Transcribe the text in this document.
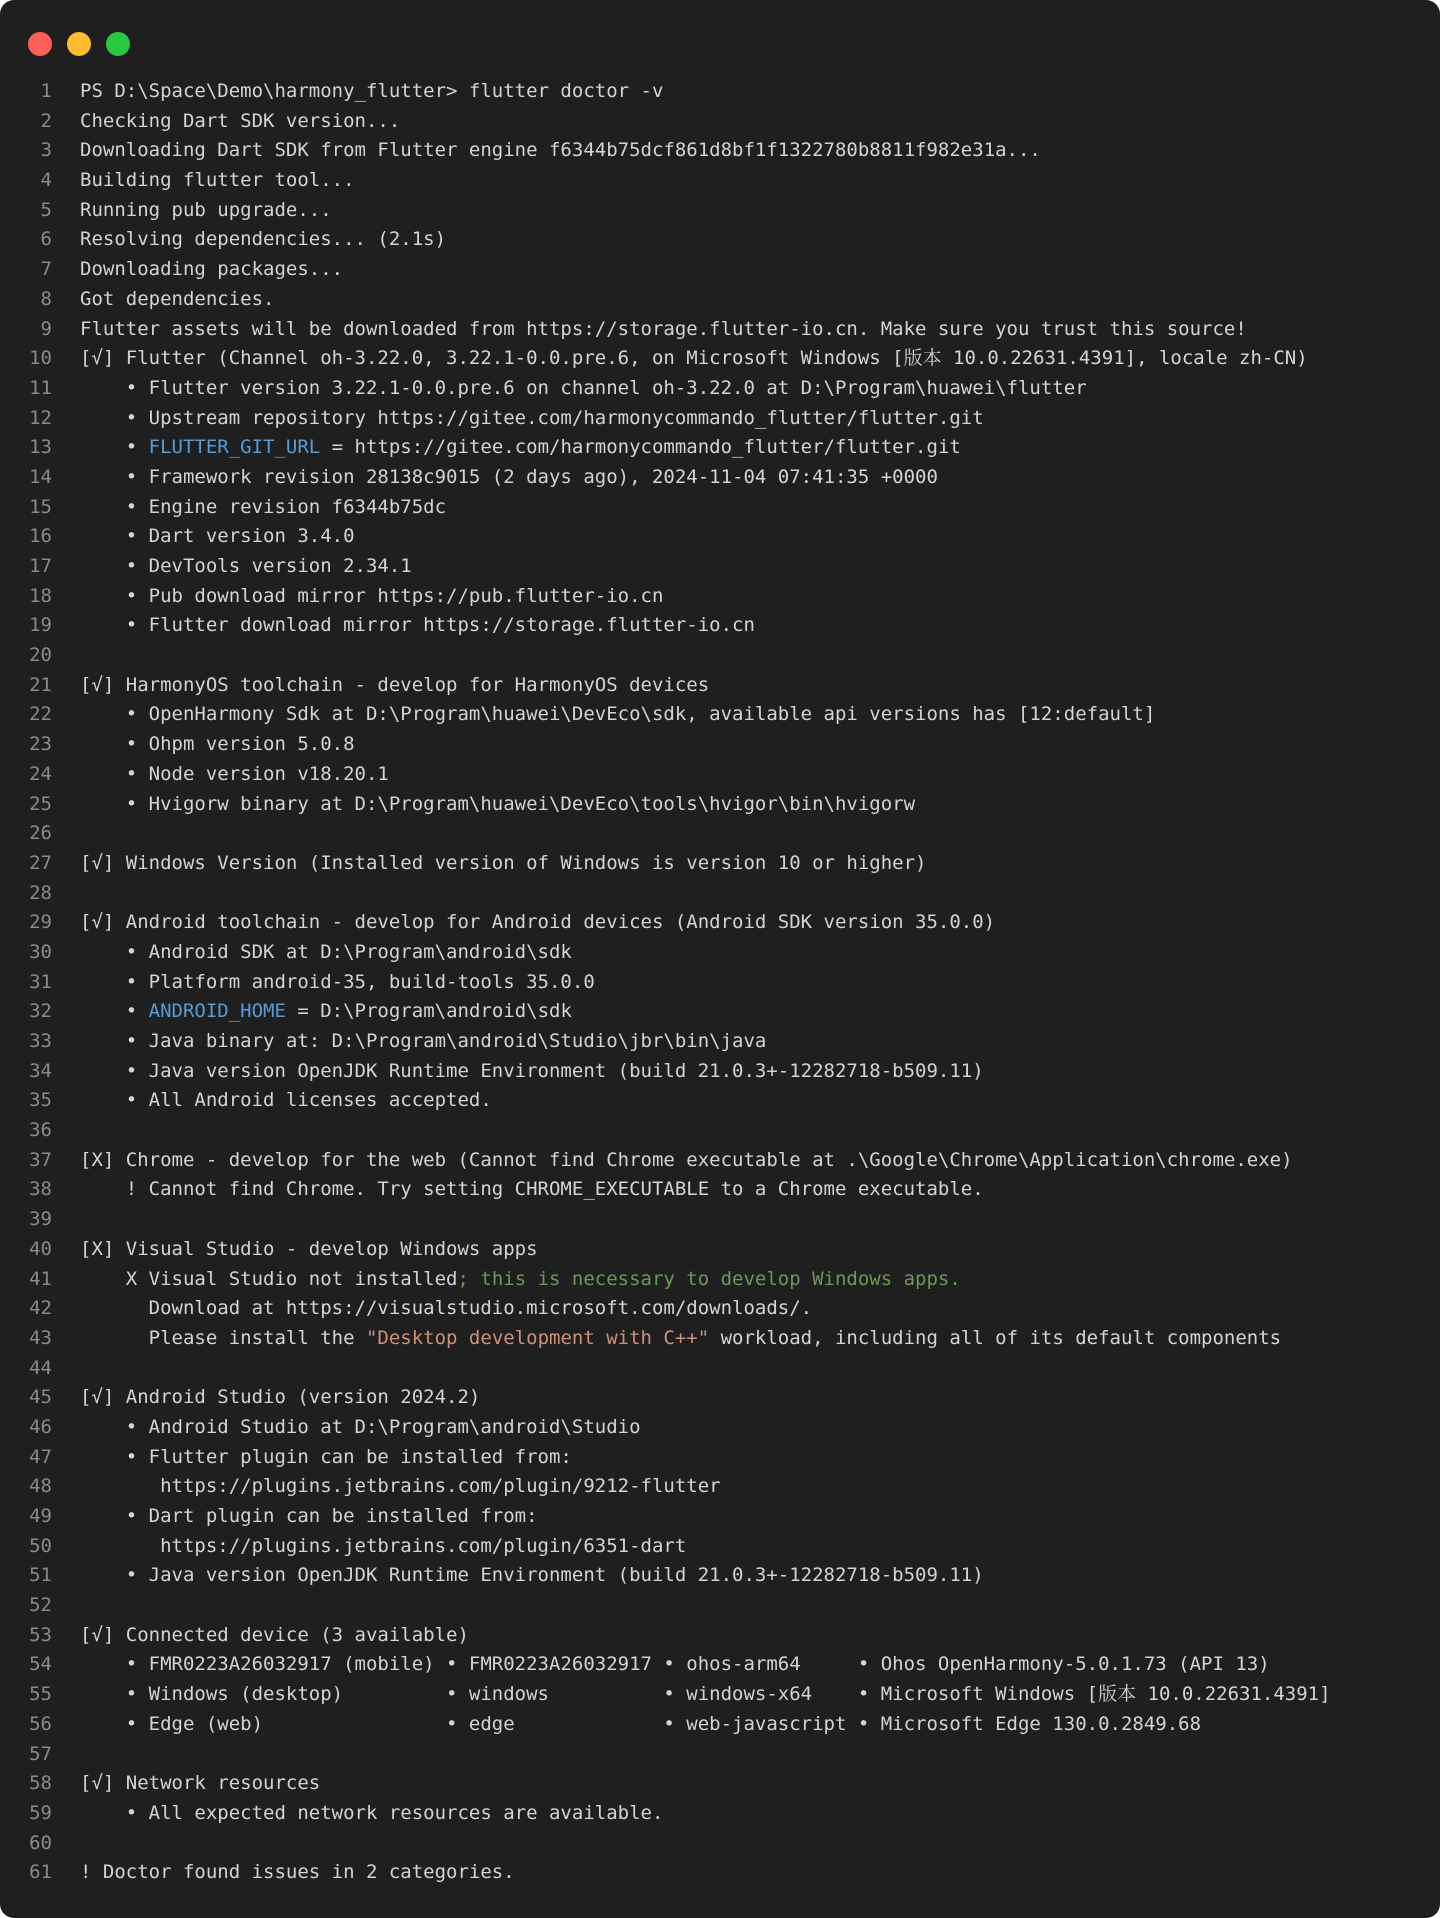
1 PS D:\Space\Demo\harmony_flutter> flutter doctor -v
2 Checking Dart SDK version...
3 Downloading Dart SDK from Flutter engine f6344b75dcf861d8bf1f1322780b8811f982e31a...
4 Building flutter tool...
5 Running pub upgrade...
6 Resolving dependencies... (2.1s)
7 Downloading packages...
8 Got dependencies.
9 Flutter assets will be downloaded from https://storage.flutter-io.cn. Make sure you trust this source!
10 [√] Flutter (Channel oh-3.22.0, 3.22.1-0.0.pre.6, on Microsoft Windows [版本 10.0.22631.4391], locale zh-CN)
11 • Flutter version 3.22.1-0.0.pre.6 on channel oh-3.22.0 at D:\Program\huawei\flutter
12 • Upstream repository https://gitee.com/harmonycommando_flutter/flutter.git
13 • FLUTTER_GIT_URL = https://gitee.com/harmonycommando_flutter/flutter.git
14 • Framework revision 28138c9015 (2 days ago), 2024-11-04 07:41:35 +0000
15 • Engine revision f6344b75dc
16 • Dart version 3.4.0
17 • DevTools version 2.34.1
18 • Pub download mirror https://pub.flutter-io.cn
19 • Flutter download mirror https://storage.flutter-io.cn
20
21 [√] HarmonyOS toolchain - develop for HarmonyOS devices
22 • OpenHarmony Sdk at D:\Program\huawei\DevEco\sdk, available api versions has [12:default]
23 • Ohpm version 5.0.8
24 • Node version v18.20.1
25 • Hvigorw binary at D:\Program\huawei\DevEco\tools\hvigor\bin\hvigorw
26
27 [√] Windows Version (Installed version of Windows is version 10 or higher)
28
29 [√] Android toolchain - develop for Android devices (Android SDK version 35.0.0)
30 • Android SDK at D:\Program\android\sdk
31 • Platform android-35, build-tools 35.0.0
32 • ANDROID_HOME = D:\Program\android\sdk
33 • Java binary at: D:\Program\android\Studio\jbr\bin\java
34 • Java version OpenJDK Runtime Environment (build 21.0.3+-12282718-b509.11)
35 • All Android licenses accepted.
36
37 [X] Chrome - develop for the web (Cannot find Chrome executable at .\Google\Chrome\Application\chrome.exe)
38 ! Cannot find Chrome. Try setting CHROME_EXECUTABLE to a Chrome executable.
39
40 [X] Visual Studio - develop Windows apps
41 X Visual Studio not installed; this is necessary to develop Windows apps.
42 Download at https://visualstudio.microsoft.com/downloads/.
43 Please install the "Desktop development with C++" workload, including all of its default components
44
45 [√] Android Studio (version 2024.2)
46 • Android Studio at D:\Program\android\Studio
47 • Flutter plugin can be installed from:
48 https://plugins.jetbrains.com/plugin/9212-flutter
49 • Dart plugin can be installed from:
50 https://plugins.jetbrains.com/plugin/6351-dart
51 • Java version OpenJDK Runtime Environment (build 21.0.3+-12282718-b509.11)
52
53 [√] Connected device (3 available)
54 • FMR0223A26032917 (mobile) • FMR0223A26032917 • ohos-arm64     • Ohos OpenHarmony-5.0.1.73 (API 13)
55 • Windows (desktop)         • windows          • windows-x64    • Microsoft Windows [版本 10.0.22631.4391]
56 • Edge (web)                • edge             • web-javascript • Microsoft Edge 130.0.2849.68
57
58 [√] Network resources
59 • All expected network resources are available.
60
61 ! Doctor found issues in 2 categories.
